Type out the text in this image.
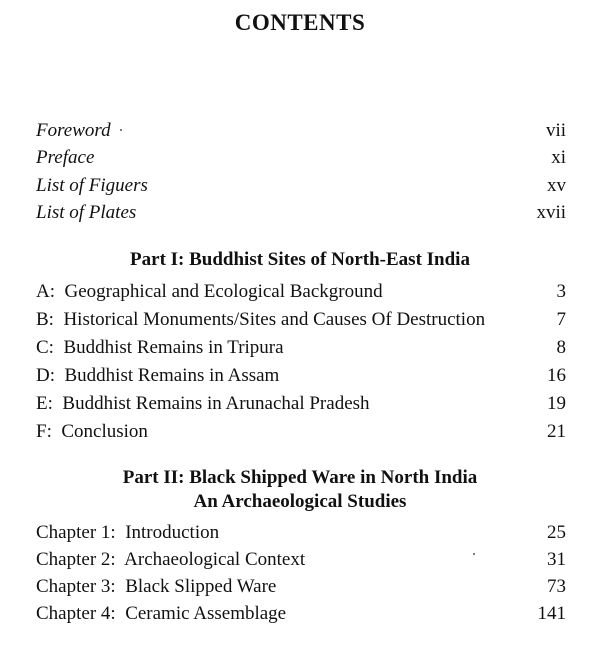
CONTENTS
Foreword	vii
Preface	xi
List of Figuers	xv
List of Plates	xvii
Part I: Buddhist Sites of North-East India
A: Geographical and Ecological Background	3
B: Historical Monuments/Sites and Causes Of Destruction	7
C: Buddhist Remains in Tripura	8
D: Buddhist Remains in Assam	16
E: Buddhist Remains in Arunachal Pradesh	19
F: Conclusion	21
Part II: Black Shipped Ware in North India
An Archaeological Studies
Chapter 1: Introduction	25
Chapter 2: Archaeological Context	31
Chapter 3: Black Slipped Ware	73
Chapter 4: Ceramic Assemblage	141
